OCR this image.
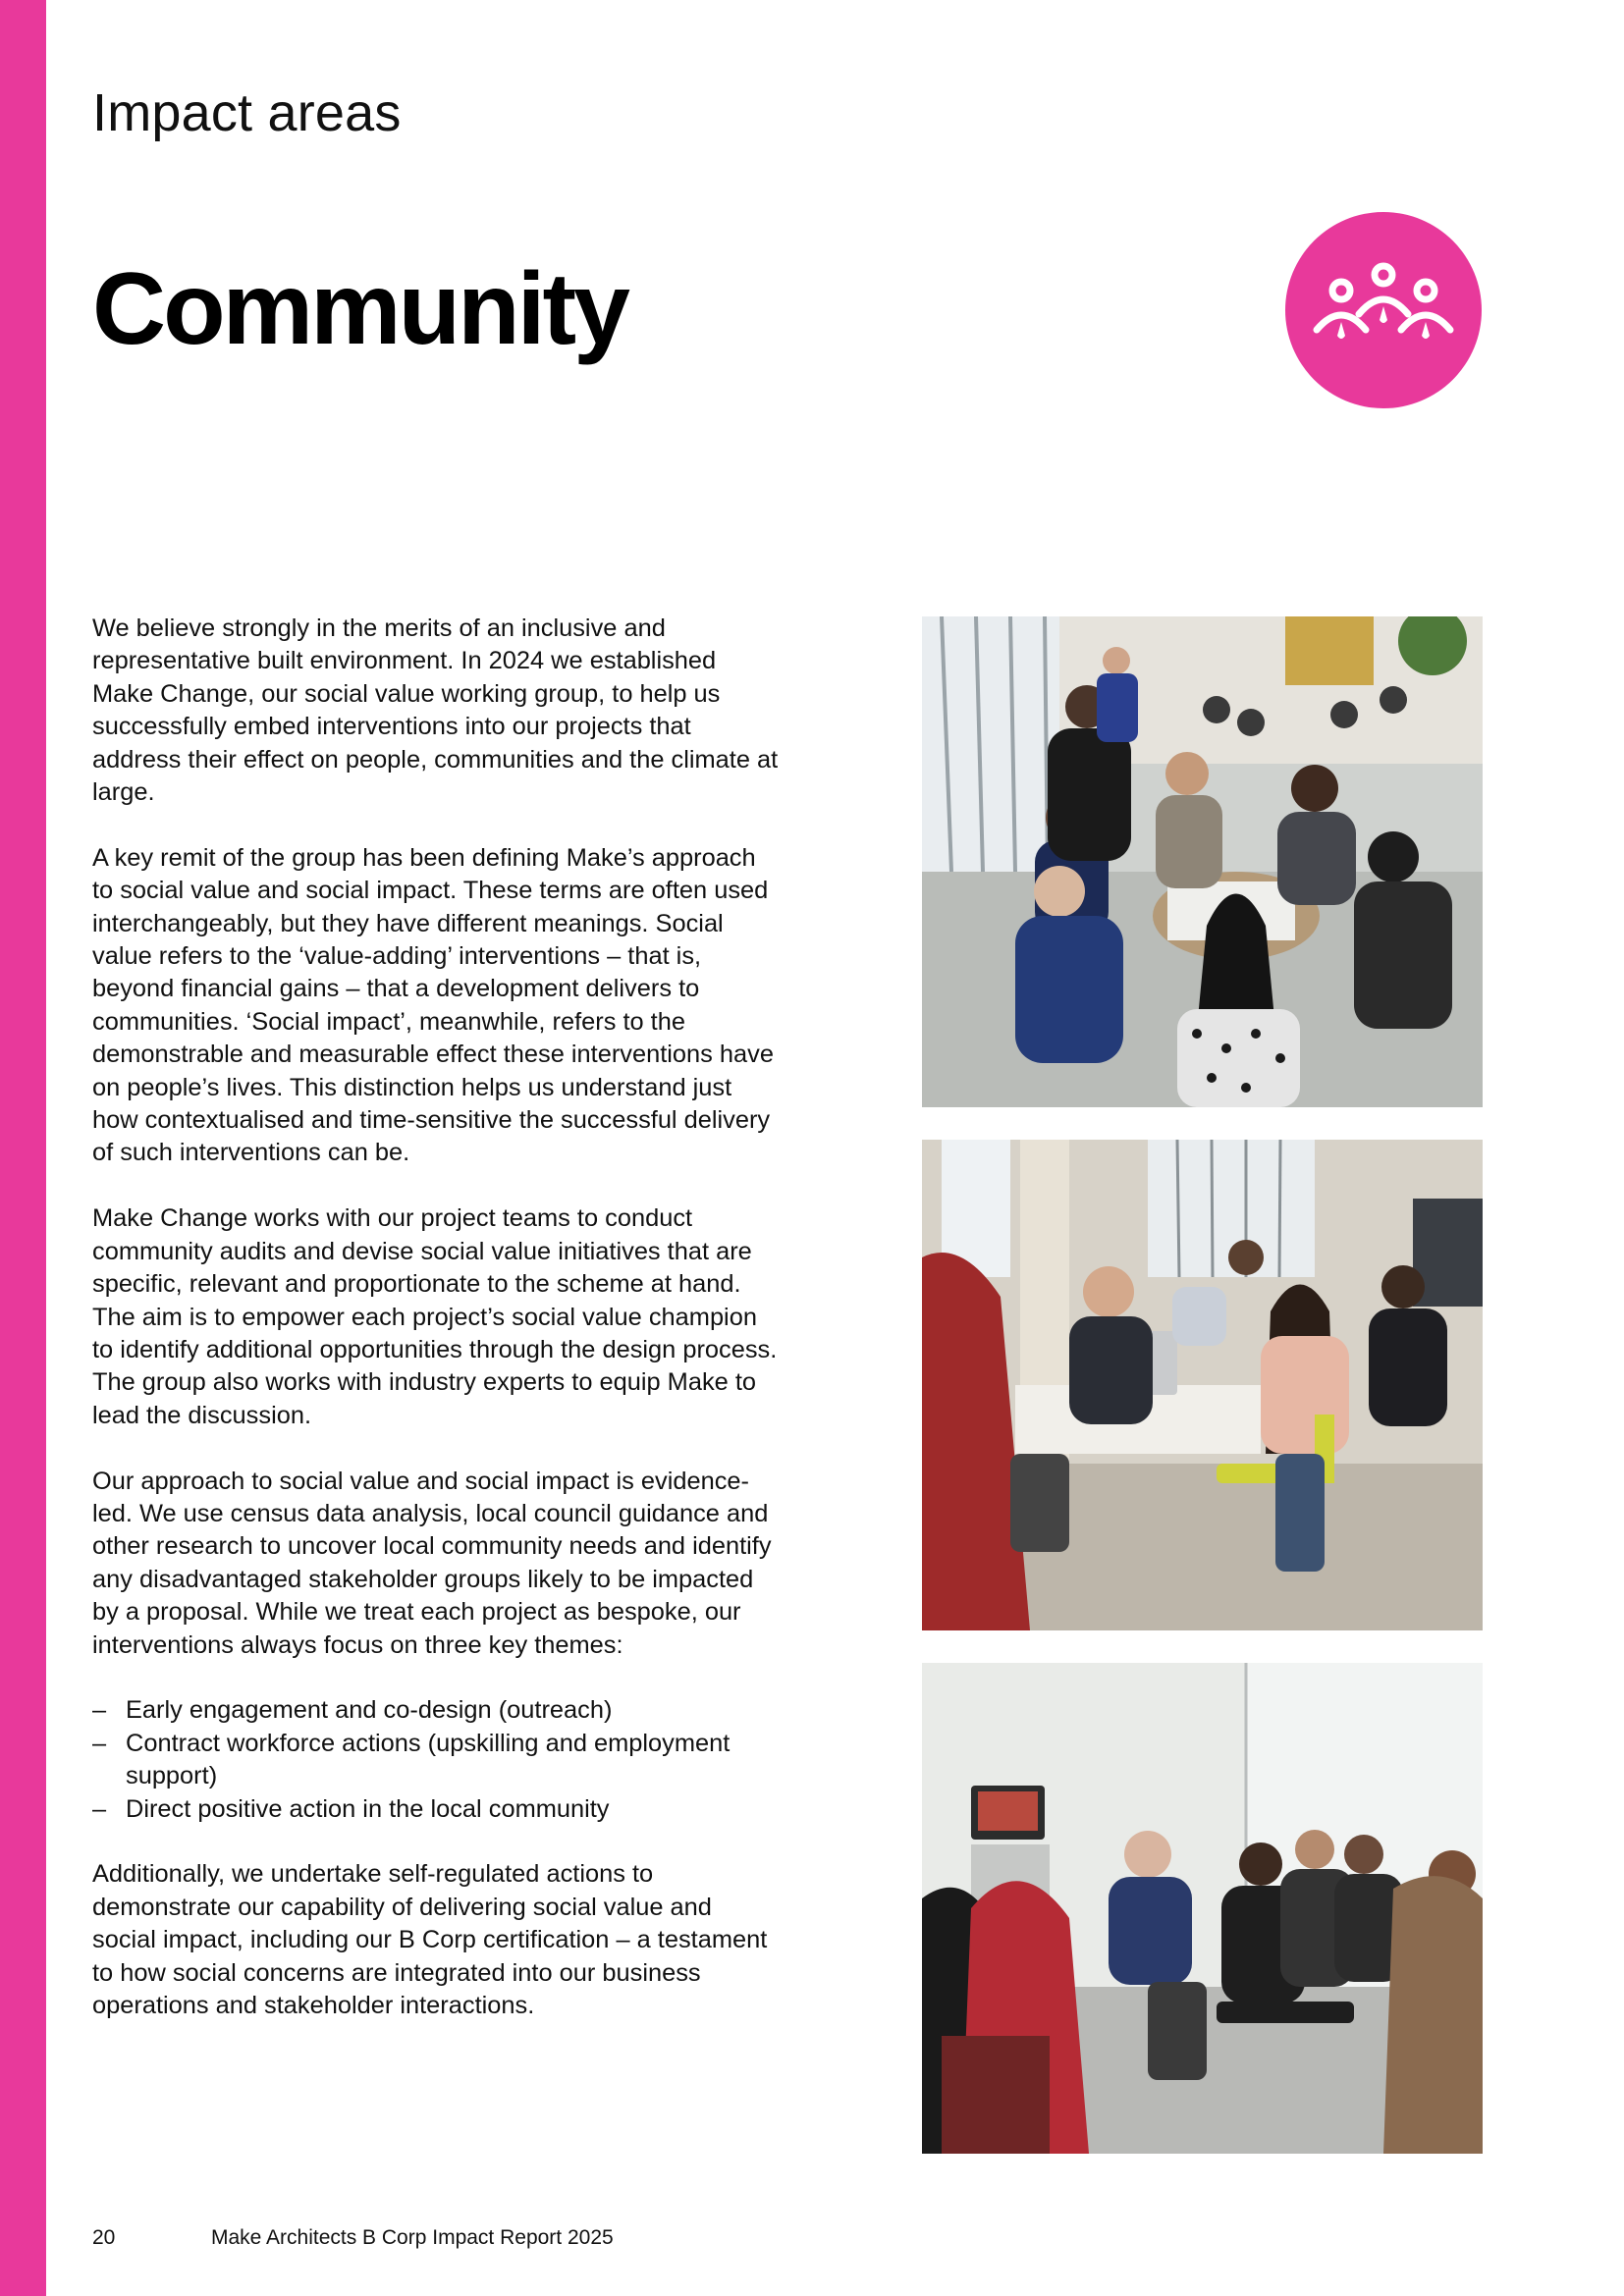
Impact areas
Community

We believe strongly in the merits of an inclusive and representative built environment. In 2024 we established Make Change, our social value working group, to help us successfully embed interventions into our projects that address their effect on people, communities and the climate at large.

A key remit of the group has been defining Make’s approach to social value and social impact. These terms are often used interchangeably, but they have different meanings. Social value refers to the ‘value-adding’ interventions – that is, beyond financial gains – that a development delivers to communities. ‘Social impact’, meanwhile, refers to the demonstrable and measurable effect these interventions have on people’s lives. This distinction helps us understand just how contextualised and time-sensitive the successful delivery of such interventions can be.

Make Change works with our project teams to conduct community audits and devise social value initiatives that are specific, relevant and proportionate to the scheme at hand. The aim is to empower each project’s social value champion to identify additional opportunities through the design process. The group also works with industry experts to equip Make to lead the discussion.

Our approach to social value and social impact is evidence-led. We use census data analysis, local council guidance and other research to uncover local community needs and identify any disadvantaged stakeholder groups likely to be impacted by a proposal. While we treat each project as bespoke, our interventions always focus on three key themes:

– Early engagement and co-design (outreach)
– Contract workforce actions (upskilling and employment support)
– Direct positive action in the local community

Additionally, we undertake self-regulated actions to demonstrate our capability of delivering social value and social impact, including our B Corp certification – a testament to how social concerns are integrated into our business operations and stakeholder interactions.

20	Make Architects B Corp Impact Report 2025
